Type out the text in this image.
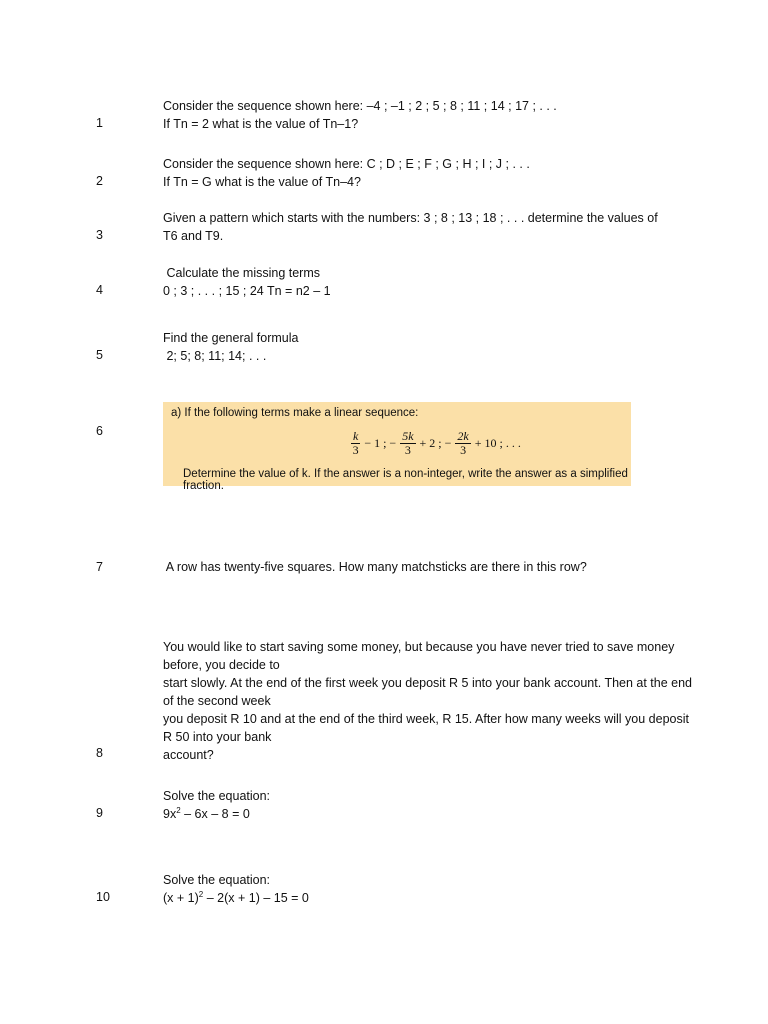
Consider the sequence shown here: –4 ; –1 ; 2 ; 5 ; 8 ; 11 ; 14 ; 17 ; . . .
If Tn = 2 what is the value of Tn–1?
1
Consider the sequence shown here: C ; D ; E ; F ; G ; H ; I ; J ; . . .
If Tn = G what is the value of Tn–4?
2
Given a pattern which starts with the numbers: 3 ; 8 ; 13 ; 18 ; . . . determine the values of
T6 and T9.
3
Calculate the missing terms
0 ; 3 ; . . . ; 15 ; 24 Tn = n2 – 1
4
Find the general formula
2; 5; 8; 11; 14; . . .
5
6
a) If the following terms make a linear sequence:
$\frac{k}{3} - 1$ ; − $\frac{5k}{3} + 2$ ; − $\frac{2k}{3} + 10$ ; . . .
Determine the value of k. If the answer is a non-integer, write the answer as a simplified fraction.
7	A row has twenty-five squares. How many matchsticks are there in this row?
You would like to start saving some money, but because you have never tried to save money before, you decide to
start slowly. At the end of the first week you deposit R 5 into your bank account. Then at the end of the second week
you deposit R 10 and at the end of the third week, R 15. After how many weeks will you deposit R 50 into your bank
account?
8
Solve the equation:
$9x^2 - 6x - 8 = 0$
9
Solve the equation:
$(x + 1)^2 - 2(x + 1) - 15 = 0$
10
